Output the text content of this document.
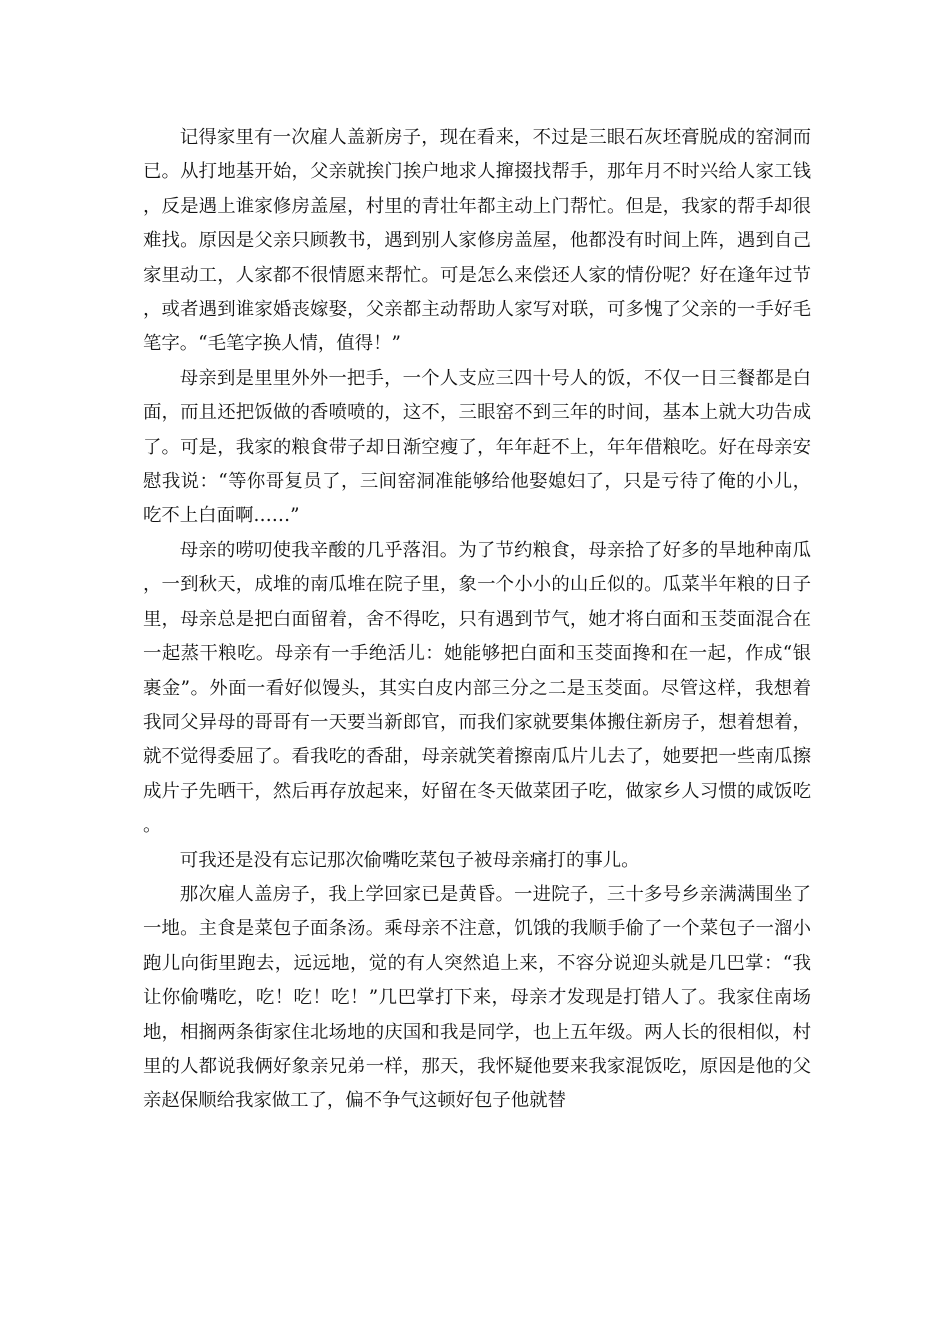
记得家里有一次雇人盖新房子，现在看来，不过是三眼石灰坯膏脱成的窑洞而已。从打地基开始，父亲就挨门挨户地求人撺掇找帮手，那年月不时兴给人家工钱，反是遇上谁家修房盖屋，村里的青壮年都主动上门帮忙。但是，我家的帮手却很难找。原因是父亲只顾教书，遇到别人家修房盖屋，他都没有时间上阵，遇到自己家里动工，人家都不很情愿来帮忙。可是怎么来偿还人家的情份呢？好在逢年过节，或者遇到谁家婚丧嫁娶，父亲都主动帮助人家写对联，可多愧了父亲的一手好毛笔字。“毛笔字换人情，值得！”

母亲到是里里外外一把手，一个人支应三四十号人的饭，不仅一日三餐都是白面，而且还把饭做的香喷喷的，这不，三眼窑不到三年的时间，基本上就大功告成了。可是，我家的粮食带子却日渐空瘦了，年年赶不上，年年借粮吃。好在母亲安慰我说：“等你哥复员了，三间窑洞准能够给他娶媳妇了，只是亏待了俺的小儿，吃不上白面啊……”

母亲的唠叨使我辛酸的几乎落泪。为了节约粮食，母亲拾了好多的旱地种南瓜，一到秋天，成堆的南瓜堆在院子里，象一个小小的山丘似的。瓜菜半年粮的日子里，母亲总是把白面留着，舍不得吃，只有遇到节气，她才将白面和玉茭面混合在一起蒸干粮吃。母亲有一手绝活儿：她能够把白面和玉茭面搀和在一起，作成“银裹金”。外面一看好似馒头，其实白皮内部三分之二是玉茭面。尽管这样，我想着我同父异母的哥哥有一天要当新郎官，而我们家就要集体搬住新房子，想着想着，就不觉得委屈了。看我吃的香甜，母亲就笑着擦南瓜片儿去了，她要把一些南瓜擦成片子先晒干，然后再存放起来，好留在冬天做菜团子吃，做家乡人习惯的咸饭吃。

可我还是没有忘记那次偷嘴吃菜包子被母亲痛打的事儿。

那次雇人盖房子，我上学回家已是黄昏。一进院子，三十多号乡亲满满围坐了一地。主食是菜包子面条汤。乘母亲不注意，饥饿的我顺手偷了一个菜包子一溜小跑儿向街里跑去，远远地，觉的有人突然追上来，不容分说迎头就是几巴掌：“我让你偷嘴吃，吃！吃！吃！”几巴掌打下来，母亲才发现是打错人了。我家住南场地，相搁两条街家住北场地的庆国和我是同学，也上五年级。两人长的很相似，村里的人都说我俩好象亲兄弟一样，那天，我怀疑他要来我家混饭吃，原因是他的父亲赵保顺给我家做工了，偏不争气这顿好包子他就替
